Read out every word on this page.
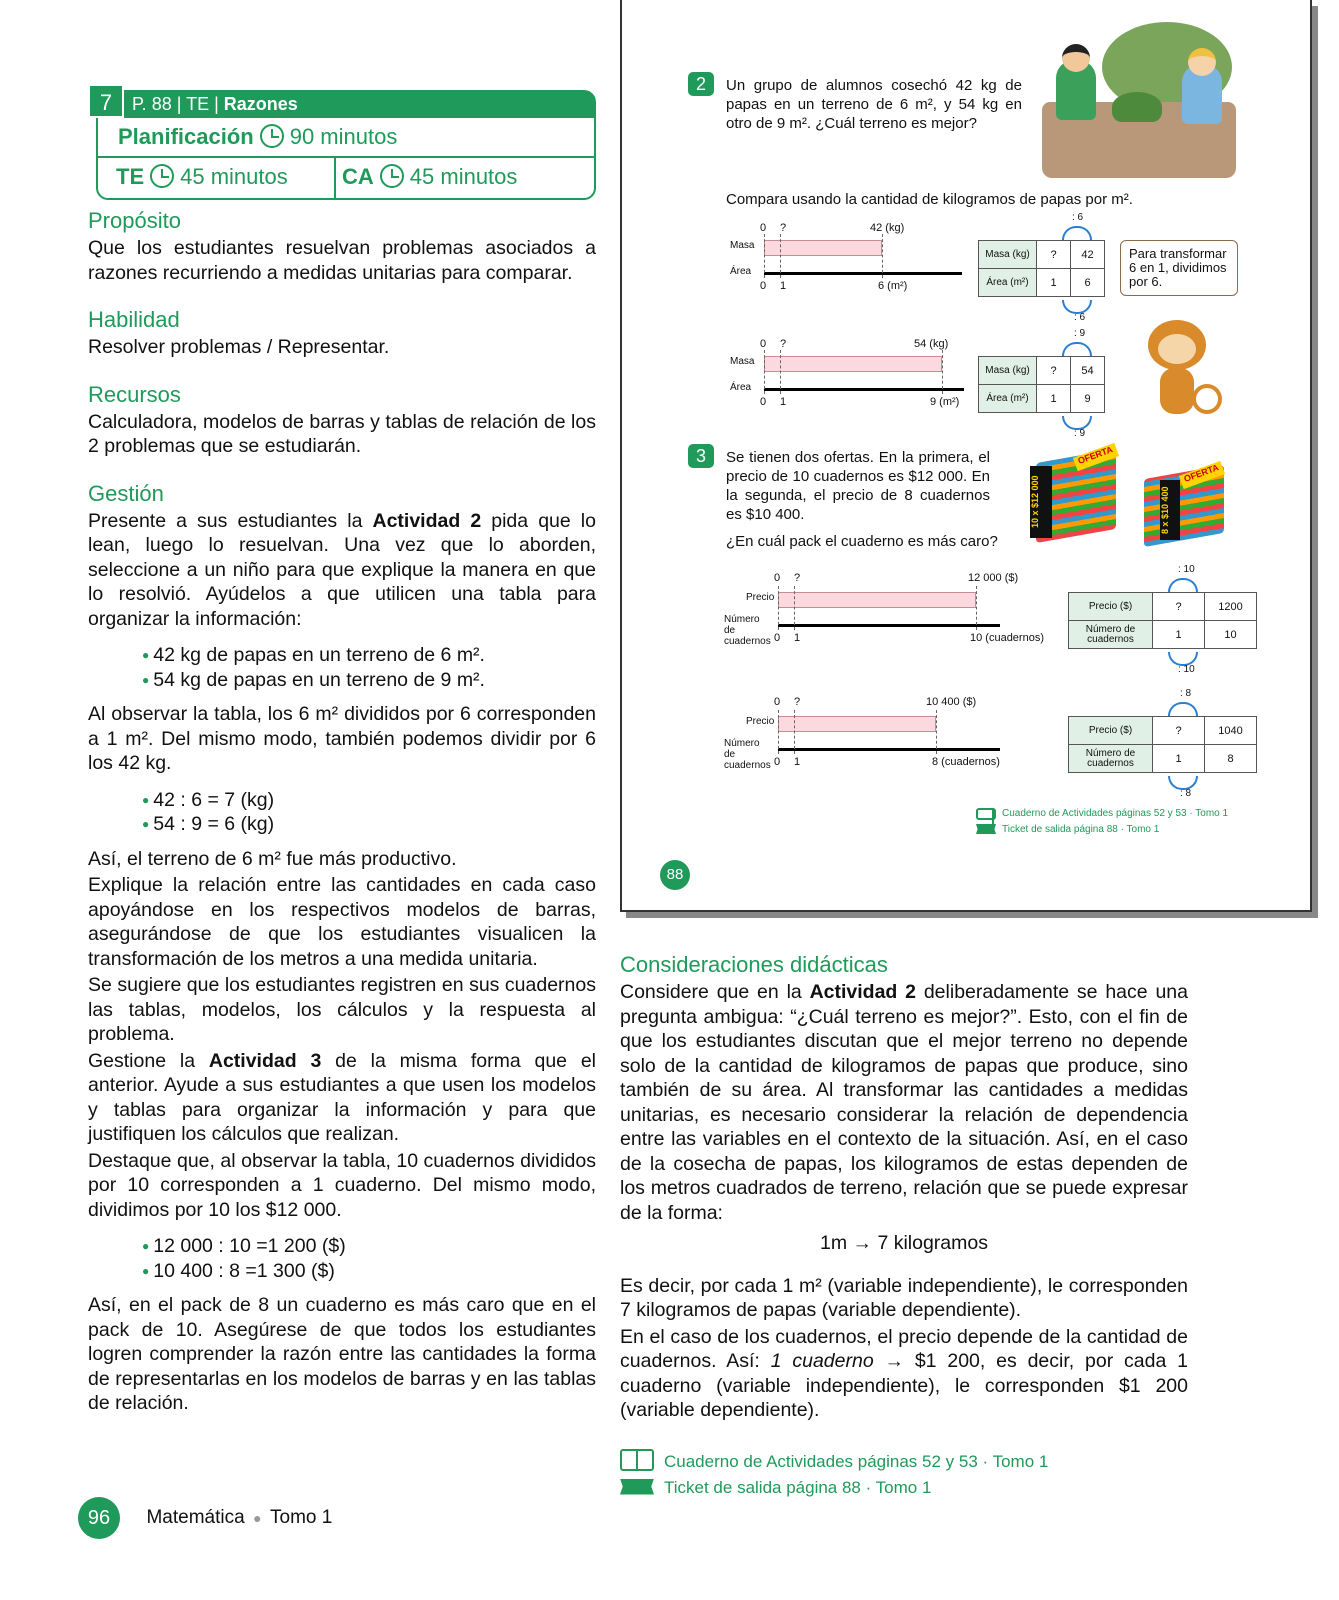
P. 88 | TE | Razones
7
Planificación 90 minutos
TE 45 minutos CA 45 minutos
Propósito

Que los estudiantes resuelvan problemas asociados a razones recurriendo a medidas unitarias para comparar.

Habilidad

Resolver problemas / Representar.

Recursos

Calculadora, modelos de barras y tablas de relación de los 2 problemas que se estudiarán.

Gestión

Presente a sus estudiantes la Actividad 2 pida que lo lean, luego lo resuelvan. Una vez que lo aborden, seleccione a un niño para que explique la manera en que lo resolvió. Ayúdelos a que utilicen una tabla para organizar la información:

● 42 kg de papas en un terreno de 6 m².
● 54 kg de papas en un terreno de 9 m².

Al observar la tabla, los 6 m² divididos por 6 corresponden a 1 m². Del mismo modo, también podemos dividir por 6 los 42 kg.

● 42 : 6 = 7 (kg)
● 54 : 9 = 6 (kg)

Así, el terreno de 6 m² fue más productivo.

Explique la relación entre las cantidades en cada caso apoyándose en los respectivos modelos de barras, asegurándose de que los estudiantes visualicen la transformación de los metros a una medida unitaria.

Se sugiere que los estudiantes registren en sus cuadernos las tablas, modelos, los cálculos y la respuesta al problema.

Gestione la Actividad 3 de la misma forma que el anterior. Ayude a sus estudiantes a que usen los modelos y tablas para organizar la información y para que justifiquen los cálculos que realizan.

Destaque que, al observar la tabla, 10 cuadernos divididos por 10 corresponden a 1 cuaderno. Del mismo modo, dividimos por 10 los $12 000.

● 12 000 : 10 =1 200 ($)
● 10 400 : 8 =1 300 ($)

Así, en el pack de 8 un cuaderno es más caro que en el pack de 10. Asegúrese de que todos los estudiantes logren comprender la razón entre las cantidades la forma de representarlas en los modelos de barras y en las tablas de relación.

2	Un grupo de alumnos cosechó 42 kg de papas en un terreno de 6 m², y 54 kg en otro de 9 m². ¿Cuál terreno es mejor?
Compara usando la cantidad de kilogramos de papas por m².
0 ?	42 (kg)
Masa
Área
0 1	6 (m²)
: 6
Masa (kg)	?	42
Área (m²)	1	6
: 6
Para transformar 6 en 1, dividimos por 6.
0 ?	54 (kg)
Masa
Área
0 1	9 (m²)
: 9
Masa (kg)	?	54
Área (m²)	1	9
: 9
3	Se tienen dos ofertas. En la primera, el precio de 10 cuadernos es $12 000. En la segunda, el precio de 8 cuadernos es $10 400.
¿En cuál pack el cuaderno es más caro?
10 x $12 000
OFERTA
8 x $10 400
OFERTA
0 ?	12 000 ($)
Precio
Número de cuadernos 0 1	10 (cuadernos)
: 10
Precio ($)	?	1200
Número de cuadernos	1	10
: 10
0 ?	10 400 ($)
Precio
Número de cuadernos 0 1	8 (cuadernos)
: 8
Precio ($)	?	1040
Número de cuadernos	1	8
: 8
Cuaderno de Actividades páginas 52 y 53 · Tomo 1
Ticket de salida página 88 · Tomo 1
88
Consideraciones didácticas

Considere que en la Actividad 2 deliberadamente se hace una pregunta ambigua: “¿Cuál terreno es mejor?”. Esto, con el fin de que los estudiantes discutan que el mejor terreno no depende solo de la cantidad de kilogramos de papas que produce, sino también de su área. Al transformar las cantidades a medidas unitarias, es necesario considerar la relación de dependencia entre las variables en el contexto de la situación. Así, en el caso de la cosecha de papas, los kilogramos de estas dependen de los metros cuadrados de terreno, relación que se puede expresar de la forma:

1m → 7 kilogramos

Es decir, por cada 1 m² (variable independiente), le corresponden 7 kilogramos de papas (variable dependiente).

En el caso de los cuadernos, el precio depende de la cantidad de cuadernos. Así: 1 cuaderno → $1 200, es decir, por cada 1 cuaderno (variable independiente), le corresponden $1 200 (variable dependiente).

Cuaderno de Actividades páginas 52 y 53 · Tomo 1
Ticket de salida página 88 · Tomo 1
96 Matemática ● Tomo 1
